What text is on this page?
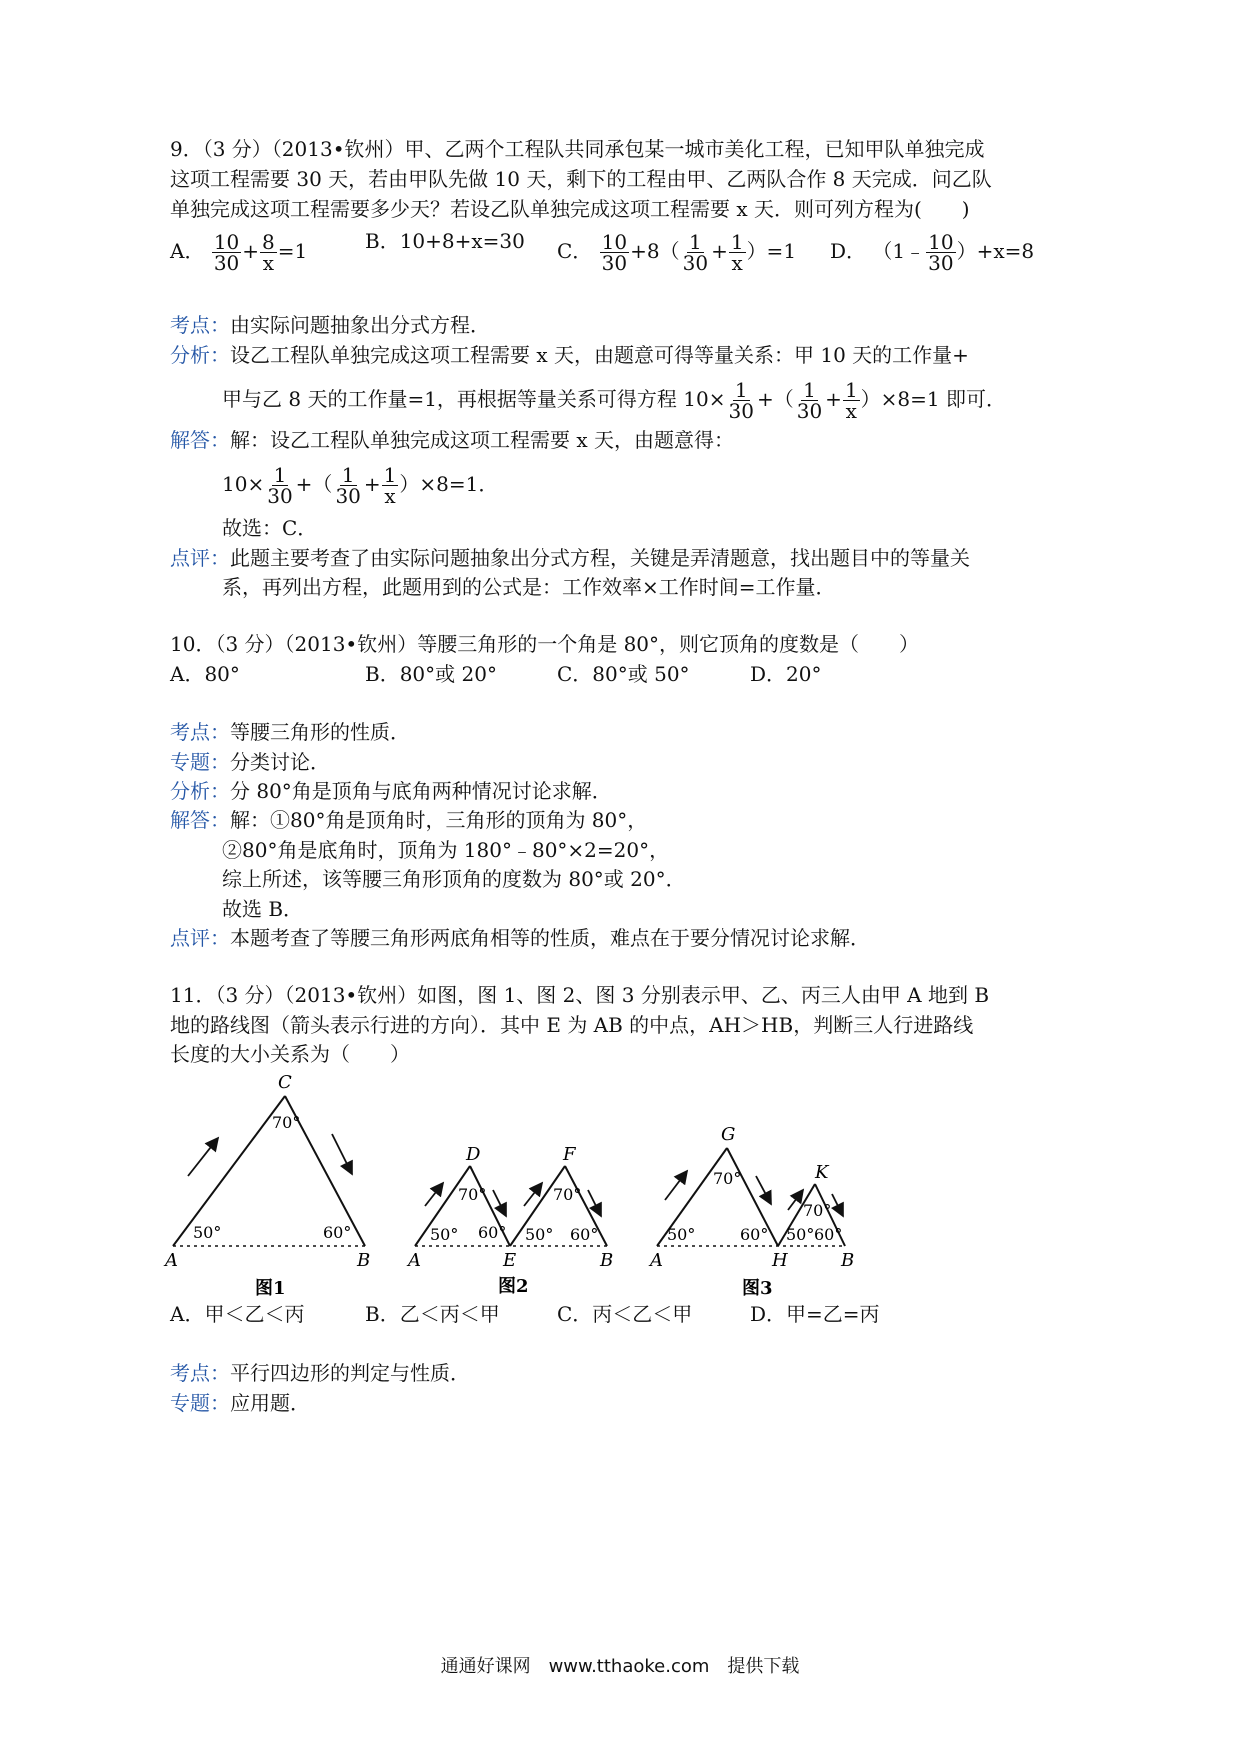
9．（3 分）（2013•钦州）甲、乙两个工程队共同承包某一城市美化工程，已知甲队单独完成
这项工程需要 30 天，若由甲队先做 10 天，剩下的工程由甲、乙两队合作 8 天完成．问乙队
单独完成这项工程需要多少天？若设乙队单独完成这项工程需要 x 天．则可列方程为(　　)
A． $\frac{10}{30} + \frac{8}{x} =1$	B．10+8+x=30 C． $\frac{10}{30} +8( \frac{1}{30} + \frac{1}{x} )=1$ D． （1﹣ $\frac{10}{30} )+x=8$
考点：由实际问题抽象出分式方程．
分析：设乙工程队单独完成这项工程需要 x 天，由题意可得等量关系：甲 10 天的工作量+
甲与乙 8 天的工作量=1，再根据等量关系可得方程 $10\times \frac{1}{30}$ +（ $\frac{1}{30} + \frac{1}{x} )\times 8=1$ 即可．
解答：解：设乙工程队单独完成这项工程需要 x 天，由题意得：
$10\times \frac{1}{30}$ +（ $\frac{1}{30} + \frac{1}{x} )\times 8=1$．
故选：C．
点评：此题主要考查了由实际问题抽象出分式方程，关键是弄清题意，找出题目中的等量关
系，再列出方程，此题用到的公式是：工作效率×工作时间=工作量．
10．（3 分）（2013•钦州）等腰三角形的一个角是 80°，则它顶角的度数是（　　）
A．80°	B．80°或 20°	C．80°或 50°	D．20°
考点：等腰三角形的性质．
专题：分类讨论．
分析：分 80°角是顶角与底角两种情况讨论求解．
解答：解：①80°角是顶角时，三角形的顶角为 80°，
②80°角是底角时，顶角为 180°﹣80°×2=20°，
综上所述，该等腰三角形顶角的度数为 80°或 20°．
故选 B．
点评：本题考查了等腰三角形两底角相等的性质，难点在于要分情况讨论求解．
11．（3 分）（2013•钦州）如图，图 1、图 2、图 3 分别表示甲、乙、丙三人由甲 A 地到 B
地的路线图（箭头表示行进的方向）．其中 E 为 AB 的中点，AH＞HB，判断三人行进路线
长度的大小关系为（　　）
C
A	B
70°
50°	60°
图1
D	F
A	E	B
70°
50° 60°
70°
50° 60°
图2
G
K
A	H	B
70°
50°	60°
70°
50° 60°
图3
A．甲＜乙＜丙	B．乙＜丙＜甲	C．丙＜乙＜甲	D．甲=乙=丙
考点：平行四边形的判定与性质．
专题：应用题．
通通好课网　www.tthaoke.com　提供下载
